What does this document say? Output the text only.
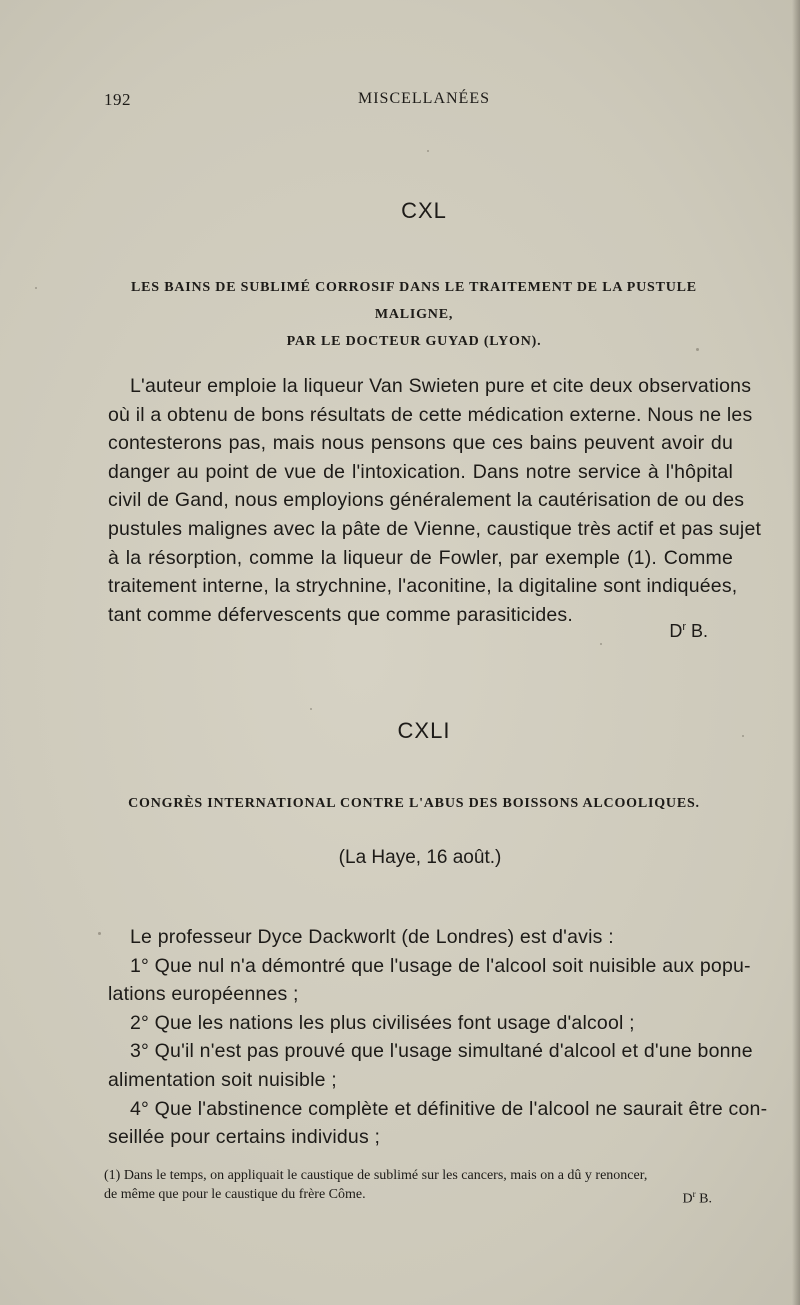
192	MISCELLANÉES
CXL
LES BAINS DE SUBLIMÉ CORROSIF DANS LE TRAITEMENT DE LA PUSTULE MALIGNE,
PAR LE DOCTEUR GUYAD (LYON).
L'auteur emploie la liqueur Van Swieten pure et cite deux observations
où il a obtenu de bons résultats de cette médication externe. Nous ne les
contesterons pas, mais nous pensons que ces bains peuvent avoir du
danger au point de vue de l'intoxication. Dans notre service à l'hôpital
civil de Gand, nous employions généralement la cautérisation de ou des
pustules malignes avec la pâte de Vienne, caustique très actif et pas sujet
à la résorption, comme la liqueur de Fowler, par exemple (1). Comme
traitement interne, la strychnine, l'aconitine, la digitaline sont indiquées,
tant comme défervescents que comme parasiticides.
$D^r$ B.
CXLI
CONGRÈS INTERNATIONAL CONTRE L'ABUS DES BOISSONS ALCOOLIQUES.
(La Haye, 16 août.)
Le professeur Dyce Dackworlt (de Londres) est d'avis :
1° Que nul n'a démontré que l'usage de l'alcool soit nuisible aux popu-
lations européennes ;
2° Que les nations les plus civilisées font usage d'alcool ;
3° Qu'il n'est pas prouvé que l'usage simultané d'alcool et d'une bonne
alimentation soit nuisible ;
4° Que l'abstinence complète et définitive de l'alcool ne saurait être con-
seillée pour certains individus ;
(1) Dans le temps, on appliquait le caustique de sublimé sur les cancers, mais on a dû y renoncer,
de même que pour le caustique du frère Côme.	$D^r$ B.
